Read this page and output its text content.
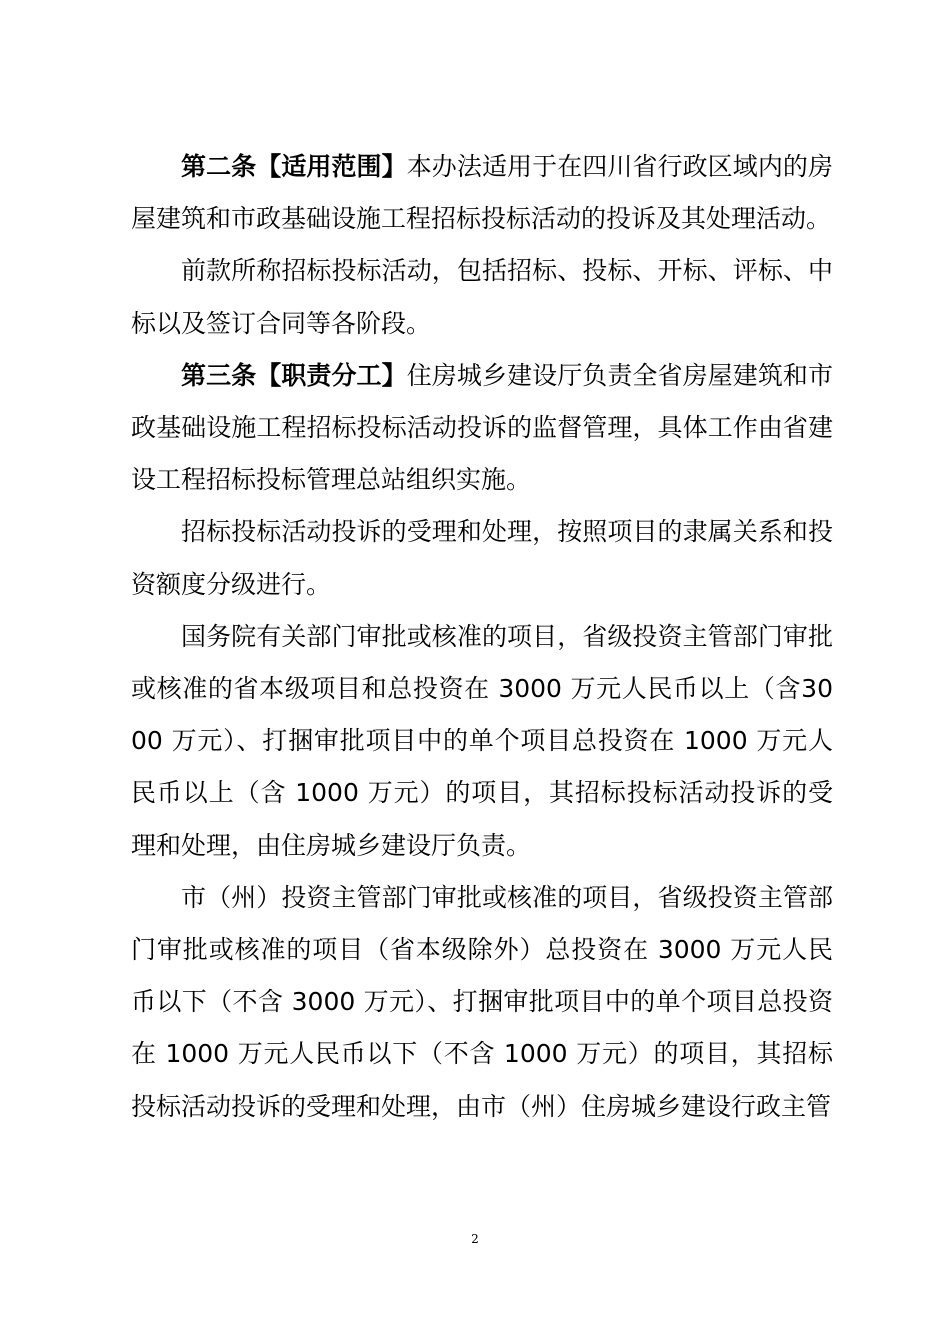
第二条【适用范围】本办法适用于在四川省行政区域内的房屋建筑和市政基础设施工程招标投标活动的投诉及其处理活动。

前款所称招标投标活动，包括招标、投标、开标、评标、中标以及签订合同等各阶段。

第三条【职责分工】住房城乡建设厅负责全省房屋建筑和市政基础设施工程招标投标活动投诉的监督管理，具体工作由省建设工程招标投标管理总站组织实施。

招标投标活动投诉的受理和处理，按照项目的隶属关系和投资额度分级进行。

国务院有关部门审批或核准的项目，省级投资主管部门审批或核准的省本级项目和总投资在 3000 万元人民币以上（含3000 万元）、打捆审批项目中的单个项目总投资在 1000 万元人民币以上（含 1000 万元）的项目，其招标投标活动投诉的受理和处理，由住房城乡建设厅负责。

市（州）投资主管部门审批或核准的项目，省级投资主管部门审批或核准的项目（省本级除外）总投资在 3000 万元人民币以下（不含 3000 万元）、打捆审批项目中的单个项目总投资在 1000 万元人民币以下（不含 1000 万元）的项目，其招标投标活动投诉的受理和处理，由市（州）住房城乡建设行政主管

2
